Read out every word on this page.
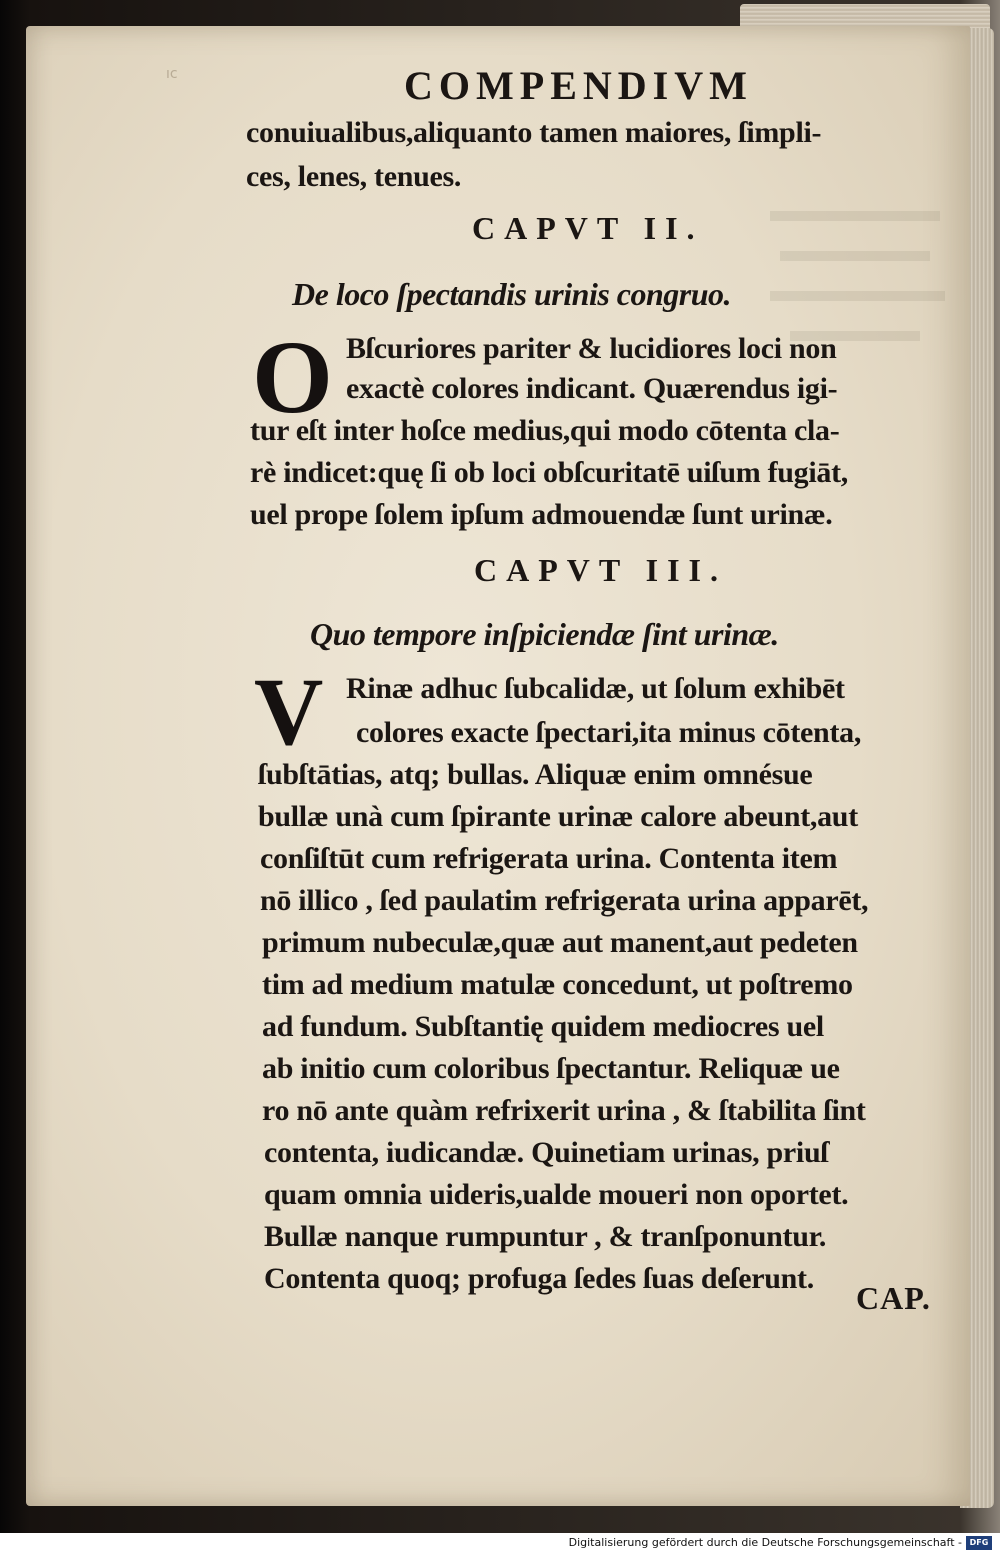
ıc	COMPENDIVM
conuiualibus,aliquanto tamen maiores, ſimpli-
ces, lenes, tenues.
CAPVT II.
De loco ſpectandis urinis congruo.
O Bſcuriores pariter & lucidiores loci non
exactè colores indicant. Quærendus igi-
tur eſt inter hoſce medius,qui modo cōtenta cla-
rè indicet:quę ſi ob loci obſcuritatē uiſum fugiāt,
uel prope ſolem ipſum admouendæ ſunt urinæ.
CAPVT III.
Quo tempore inſpiciendæ ſint urinæ.
V Rinæ adhuc ſubcalidæ, ut ſolum exhibēt
colores exacte ſpectari,ita minus cōtenta,
ſubſtātias, atq; bullas. Aliquæ enim omnésue
bullæ unà cum ſpirante urinæ calore abeunt,aut
conſiſtūt cum refrigerata urina. Contenta item
nō illico , ſed paulatim refrigerata urina apparēt,
primum nubeculæ,quæ aut manent,aut pedeten
tim ad medium matulæ concedunt, ut poſtremo
ad fundum. Subſtantię quidem mediocres uel
ab initio cum coloribus ſpectantur. Reliquæ ue
ro nō ante quàm refrixerit urina , & ſtabilita ſint
contenta, iudicandæ. Quinetiam urinas, priuſ
quam omnia uideris,ualde moueri non oportet.
Bullæ nanque rumpuntur , & tranſponuntur.
Contenta quoq; profuga ſedes ſuas deſerunt.
CAP.
Digitalisierung gefördert durch die Deutsche Forschungsgemeinschaft - DFG
